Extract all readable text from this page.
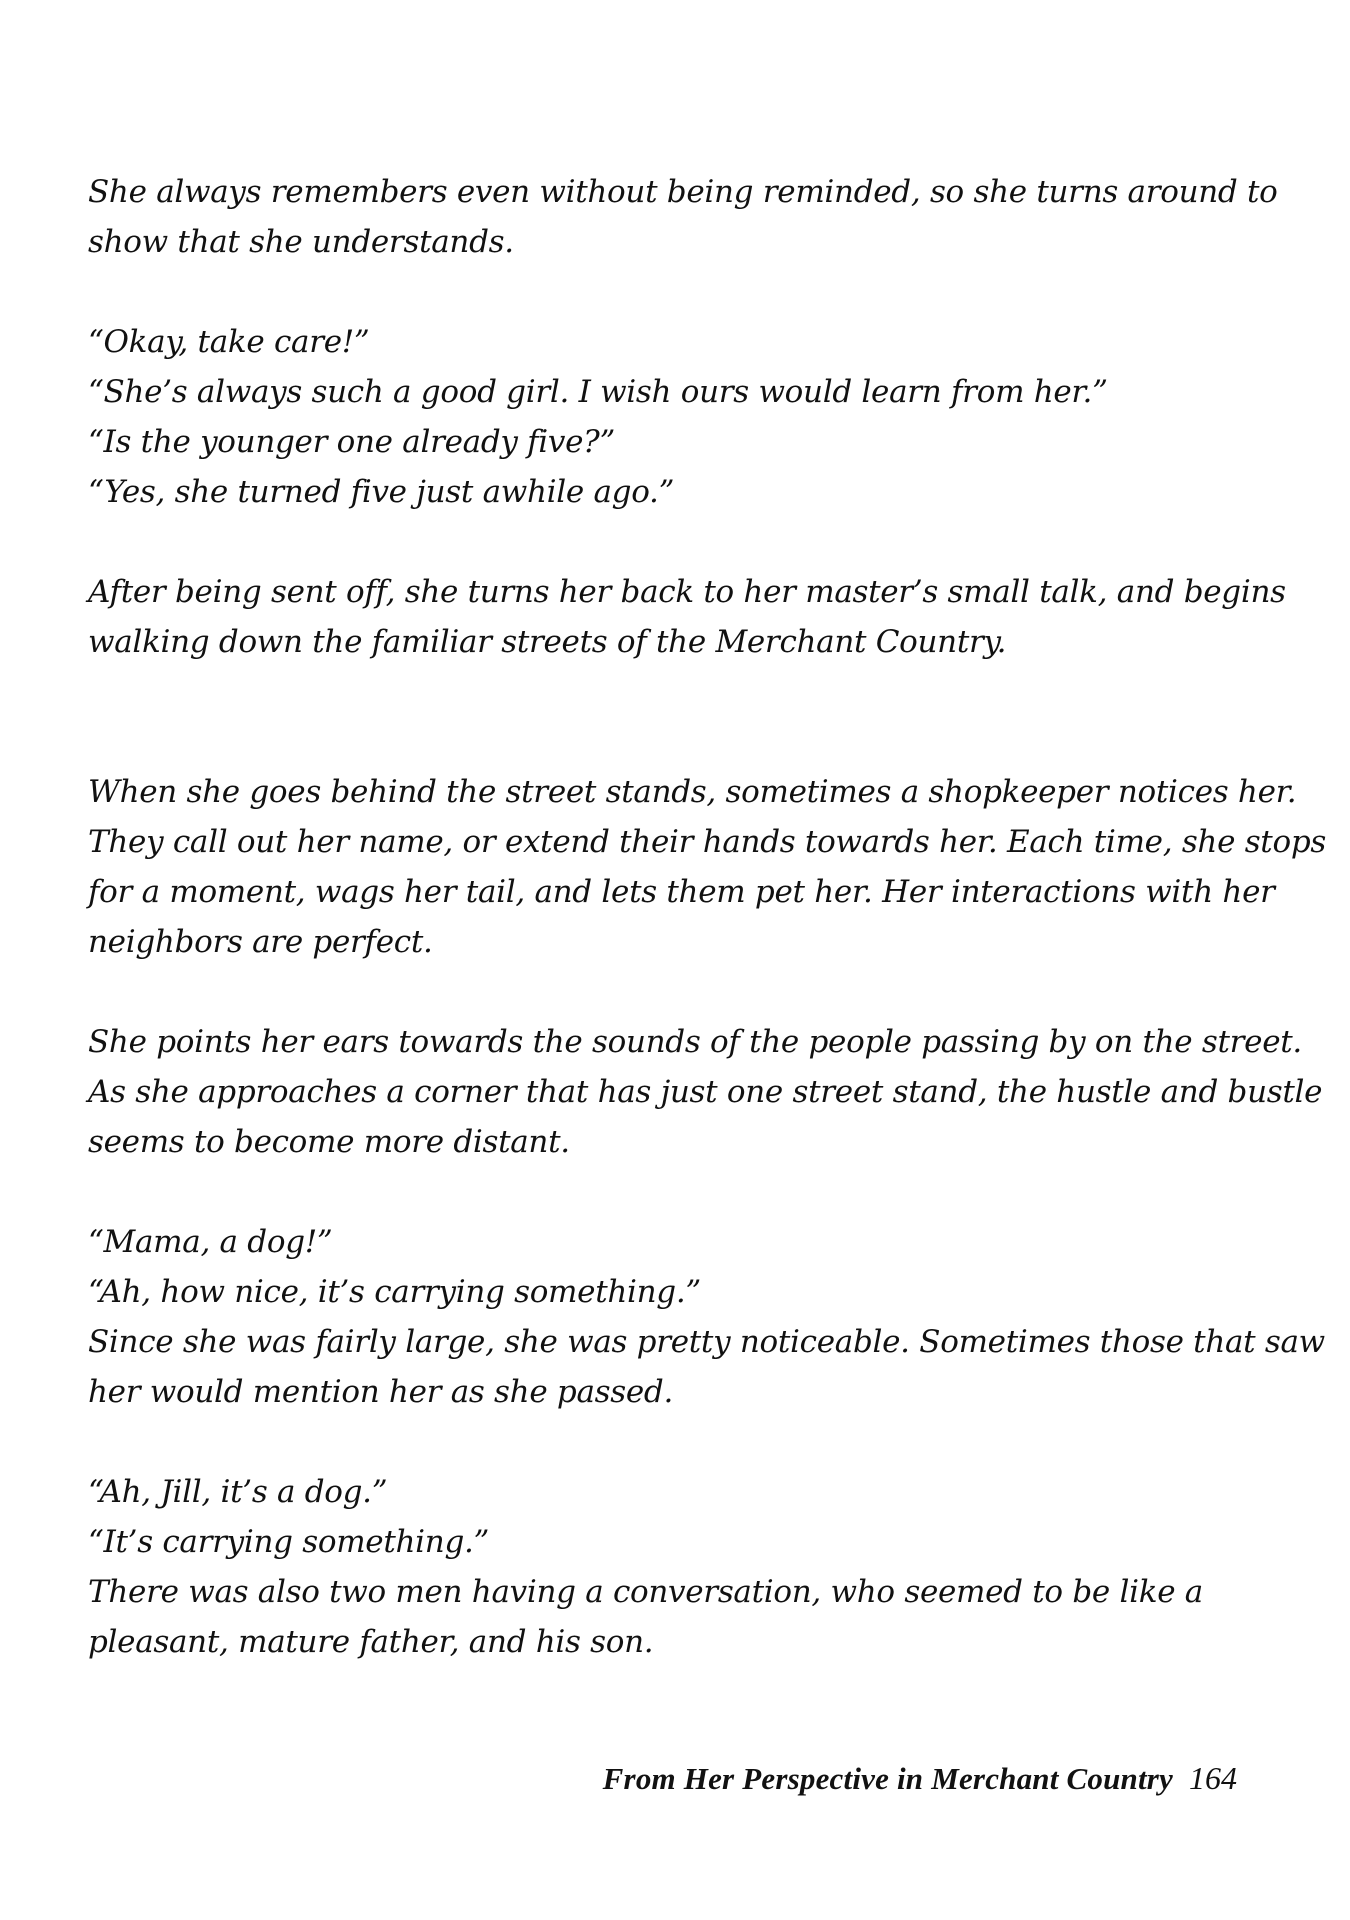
She always remembers even without being reminded, so she turns around to
show that she understands.
“Okay, take care!”
“She’s always such a good girl. I wish ours would learn from her.”
“Is the younger one already five?”
“Yes, she turned five just awhile ago.”
After being sent off, she turns her back to her master’s small talk, and begins
walking down the familiar streets of the Merchant Country.
When she goes behind the street stands, sometimes a shopkeeper notices her.
They call out her name, or extend their hands towards her. Each time, she stops
for a moment, wags her tail, and lets them pet her. Her interactions with her
neighbors are perfect.
She points her ears towards the sounds of the people passing by on the street.
As she approaches a corner that has just one street stand, the hustle and bustle
seems to become more distant.
“Mama, a dog!”
“Ah, how nice, it’s carrying something.”
Since she was fairly large, she was pretty noticeable. Sometimes those that saw
her would mention her as she passed.
“Ah, Jill, it’s a dog.”
“It’s carrying something.”
There was also two men having a conversation, who seemed to be like a
pleasant, mature father, and his son.
From Her Perspective in Merchant Country 164
